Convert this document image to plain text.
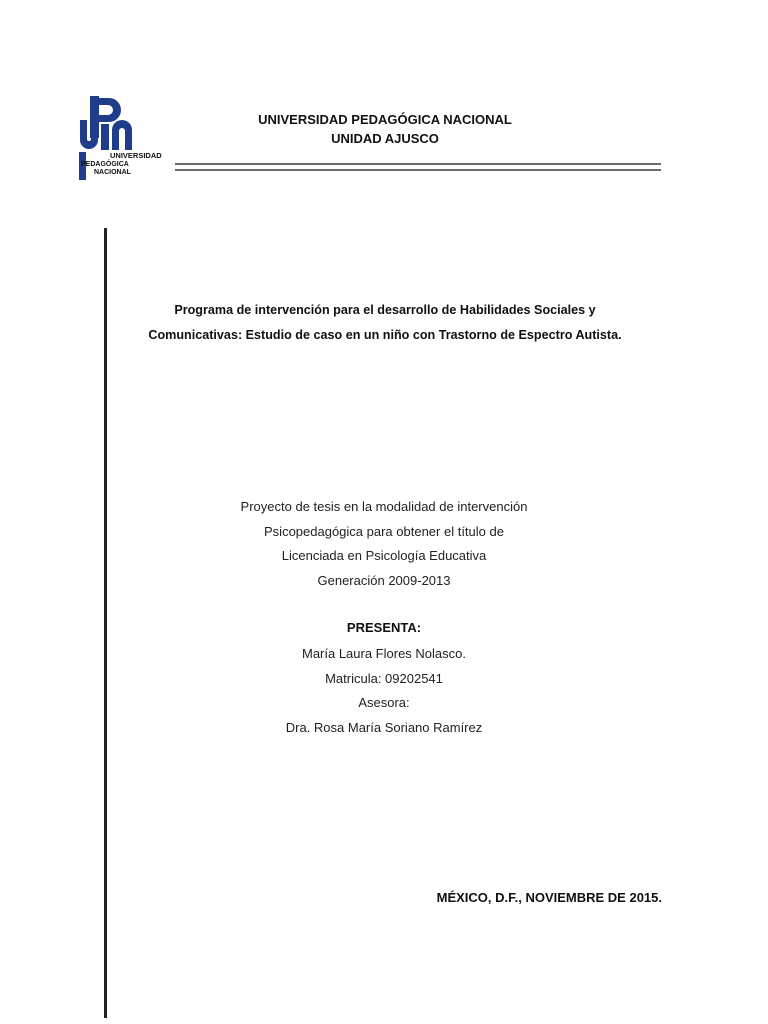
UNIVERSIDAD
PEDAGÓGICA
NACIONAL
UNIVERSIDAD PEDAGÓGICA NACIONAL
UNIDAD AJUSCO
Programa de intervención para el desarrollo de Habilidades Sociales y
Comunicativas: Estudio de caso en un niño con Trastorno de Espectro Autista.
Proyecto de tesis en la modalidad de intervención
Psicopedagógica para obtener el título de
Licenciada en Psicología Educativa
Generación 2009-2013
PRESENTA:
María Laura Flores Nolasco.
Matricula: 09202541
Asesora:
Dra. Rosa María Soriano Ramírez
MÉXICO, D.F., NOVIEMBRE DE 2015.
